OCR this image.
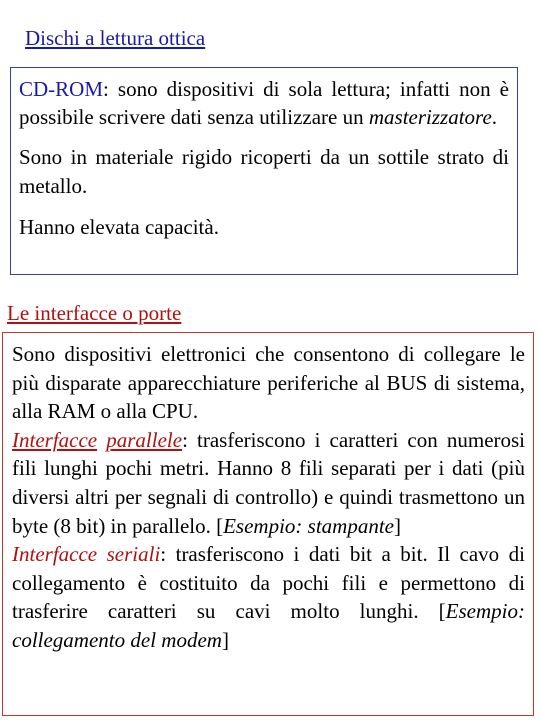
Dischi a lettura ottica

CD-ROM: sono dispositivi di sola lettura; infatti non è possibile scrivere dati senza utilizzare un masterizzatore.

Sono in materiale rigido ricoperti da un sottile strato di metallo.

Hanno elevata capacità.

Le interfacce o porte

Sono dispositivi elettronici che consentono di collegare le più disparate apparecchiature periferiche al BUS di sistema, alla RAM o alla CPU.

Interfacce parallele: trasferiscono i caratteri con numerosi fili lunghi pochi metri. Hanno 8 fili separati per i dati (più diversi altri per segnali di controllo) e quindi trasmettono un byte (8 bit) in parallelo. [Esempio: stampante]

Interfacce seriali: trasferiscono i dati bit a bit. Il cavo di collegamento è costituito da pochi fili e permettono di trasferire caratteri su cavi molto lunghi. [Esempio: collegamento del modem]
